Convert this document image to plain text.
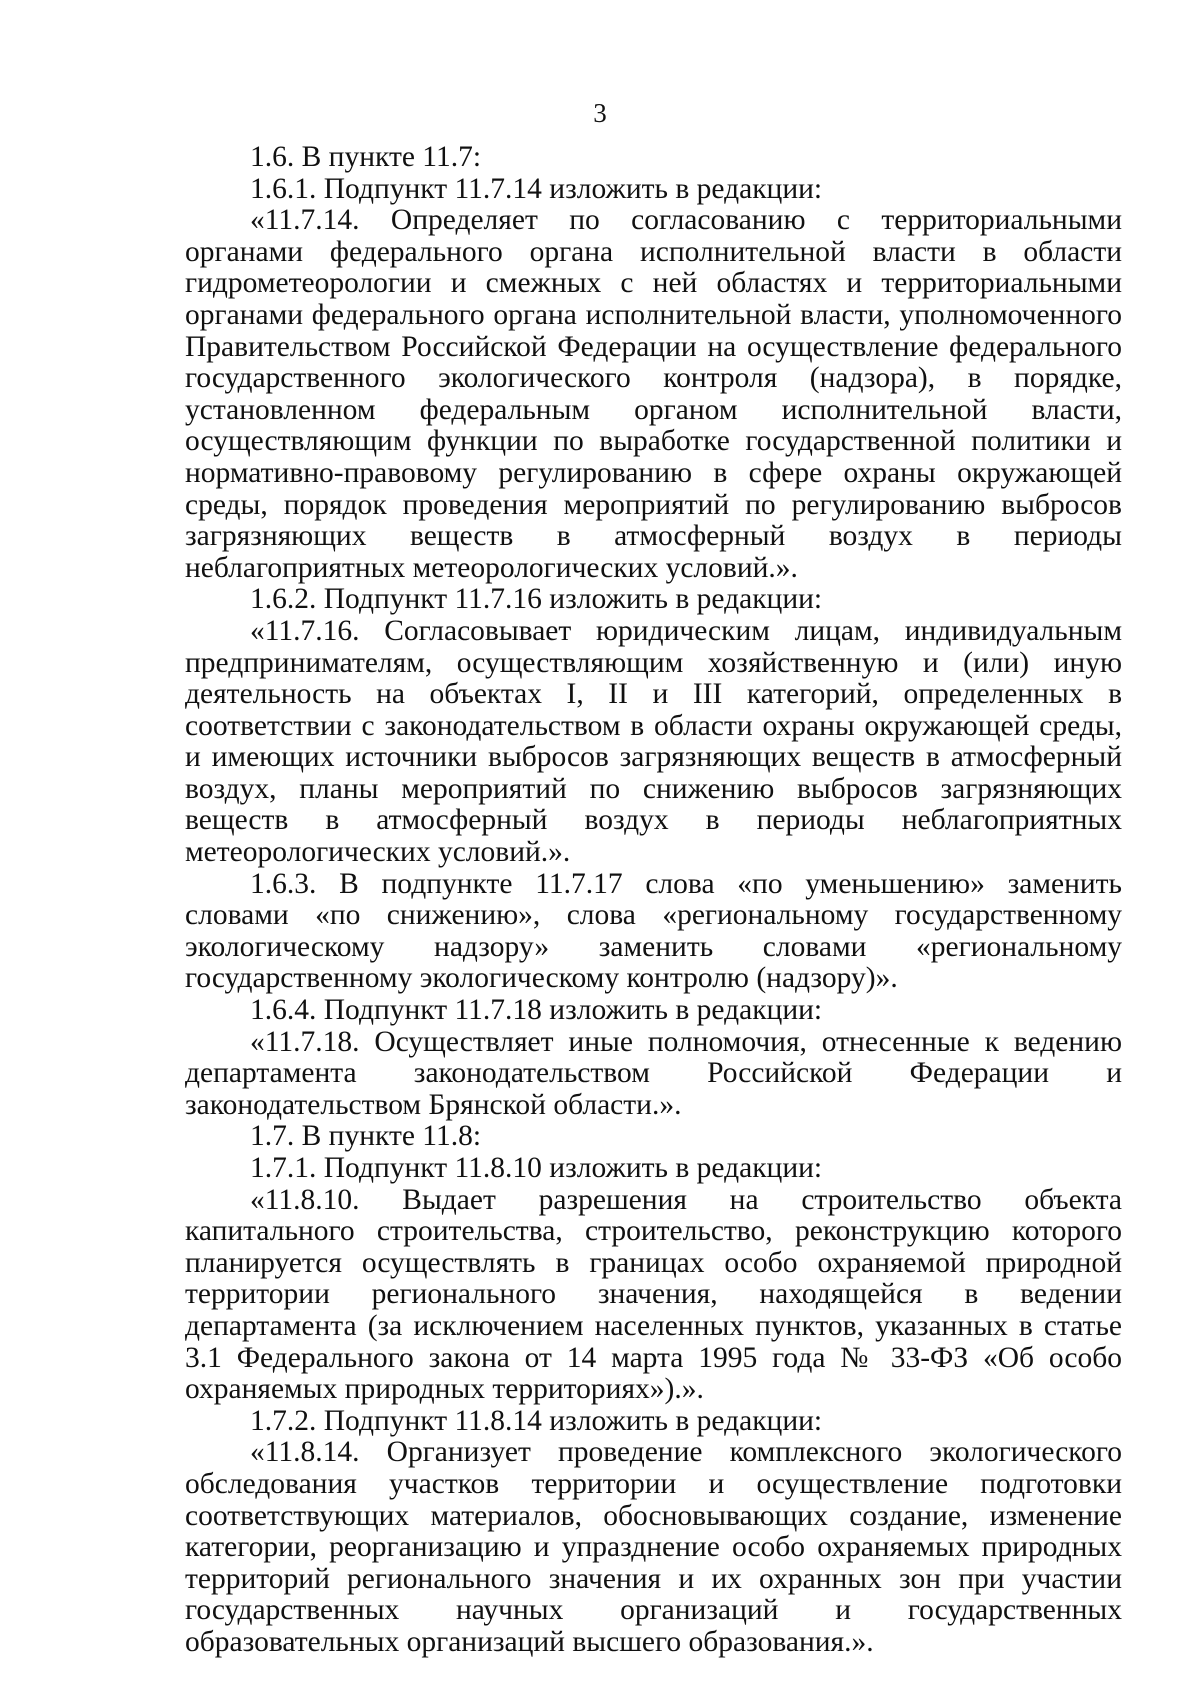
3

1.6. В пункте 11.7:

1.6.1. Подпункт 11.7.14 изложить в редакции:

«11.7.14. Определяет по согласованию с территориальными органами федерального органа исполнительной власти в области гидрометеорологии и смежных с ней областях и территориальными органами федерального органа исполнительной власти, уполномоченного Правительством Российской Федерации на осуществление федерального государственного экологического контроля (надзора), в порядке, установленном федеральным органом исполнительной власти, осуществляющим функции по выработке государственной политики и нормативно-правовому регулированию в сфере охраны окружающей среды, порядок проведения мероприятий по регулированию выбросов загрязняющих веществ в атмосферный воздух в периоды неблагоприятных метеорологических условий.».

1.6.2. Подпункт 11.7.16 изложить в редакции:

«11.7.16. Согласовывает юридическим лицам, индивидуальным предпринимателям, осуществляющим хозяйственную и (или) иную деятельность на объектах I, II и III категорий, определенных в соответствии с законодательством в области охраны окружающей среды, и имеющих источники выбросов загрязняющих веществ в атмосферный воздух, планы мероприятий по снижению выбросов загрязняющих веществ в атмосферный воздух в периоды неблагоприятных метеорологических условий.».

1.6.3. В подпункте 11.7.17 слова «по уменьшению» заменить словами «по снижению», слова «региональному государственному экологическому надзору» заменить словами «региональному государственному экологическому контролю (надзору)».

1.6.4. Подпункт 11.7.18 изложить в редакции:

«11.7.18. Осуществляет иные полномочия, отнесенные к ведению департамента законодательством Российской Федерации и законодательством Брянской области.».

1.7. В пункте 11.8:

1.7.1. Подпункт 11.8.10 изложить в редакции:

«11.8.10. Выдает разрешения на строительство объекта капитального строительства, строительство, реконструкцию которого планируется осуществлять в границах особо охраняемой природной территории регионального значения, находящейся в ведении департамента (за исключением населенных пунктов, указанных в статье 3.1 Федерального закона от 14 марта 1995 года № 33-ФЗ «Об особо охраняемых природных территориях»).».

1.7.2. Подпункт 11.8.14 изложить в редакции:

«11.8.14. Организует проведение комплексного экологического обследования участков территории и осуществление подготовки соответствующих материалов, обосновывающих создание, изменение категории, реорганизацию и упразднение особо охраняемых природных территорий регионального значения и их охранных зон при участии государственных научных организаций и государственных образовательных организаций высшего образования.».
